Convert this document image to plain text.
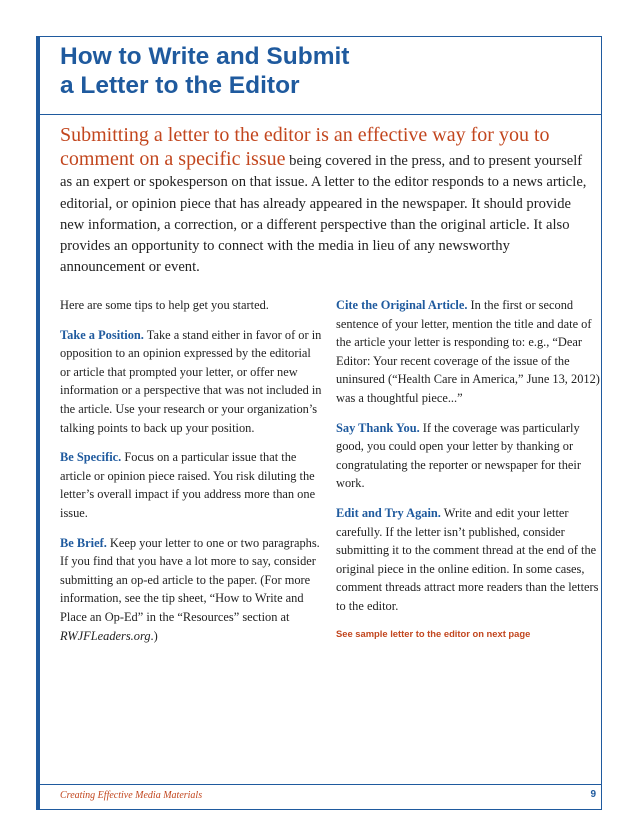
How to Write and Submit
a Letter to the Editor

Submitting a letter to the editor is an effective way for you to comment on a specific issue being covered in the press, and to present yourself as an expert or spokesperson on that issue. A letter to the editor responds to a news article, editorial, or opinion piece that has already appeared in the newspaper. It should provide new information, a correction, or a different perspective than the original article. It also provides an opportunity to connect with the media in lieu of any newsworthy announcement or event.

Here are some tips to help get you started.

Take a Position. Take a stand either in favor of or in opposition to an opinion expressed by the editorial or article that prompted your letter, or offer new information or a perspective that was not included in the article. Use your research or your organization’s talking points to back up your position.

Be Specific. Focus on a particular issue that the article or opinion piece raised. You risk diluting the letter’s overall impact if you address more than one issue.

Be Brief. Keep your letter to one or two paragraphs. If you find that you have a lot more to say, consider submitting an op-ed article to the paper. (For more information, see the tip sheet, “How to Write and Place an Op-Ed” in the “Resources” section at RWJFLeaders.org.)

Cite the Original Article. In the first or second sentence of your letter, mention the title and date of the article your letter is responding to: e.g., “Dear Editor: Your recent coverage of the issue of the uninsured (“Health Care in America,” June 13, 2012) was a thoughtful piece...”

Say Thank You. If the coverage was particularly good, you could open your letter by thanking or congratulating the reporter or newspaper for their work.

Edit and Try Again. Write and edit your letter carefully. If the letter isn’t published, consider submitting it to the comment thread at the end of the original piece in the online edition. In some cases, comment threads attract more readers than the letters to the editor.

See sample letter to the editor on next page
Creating Effective Media Materials	9
